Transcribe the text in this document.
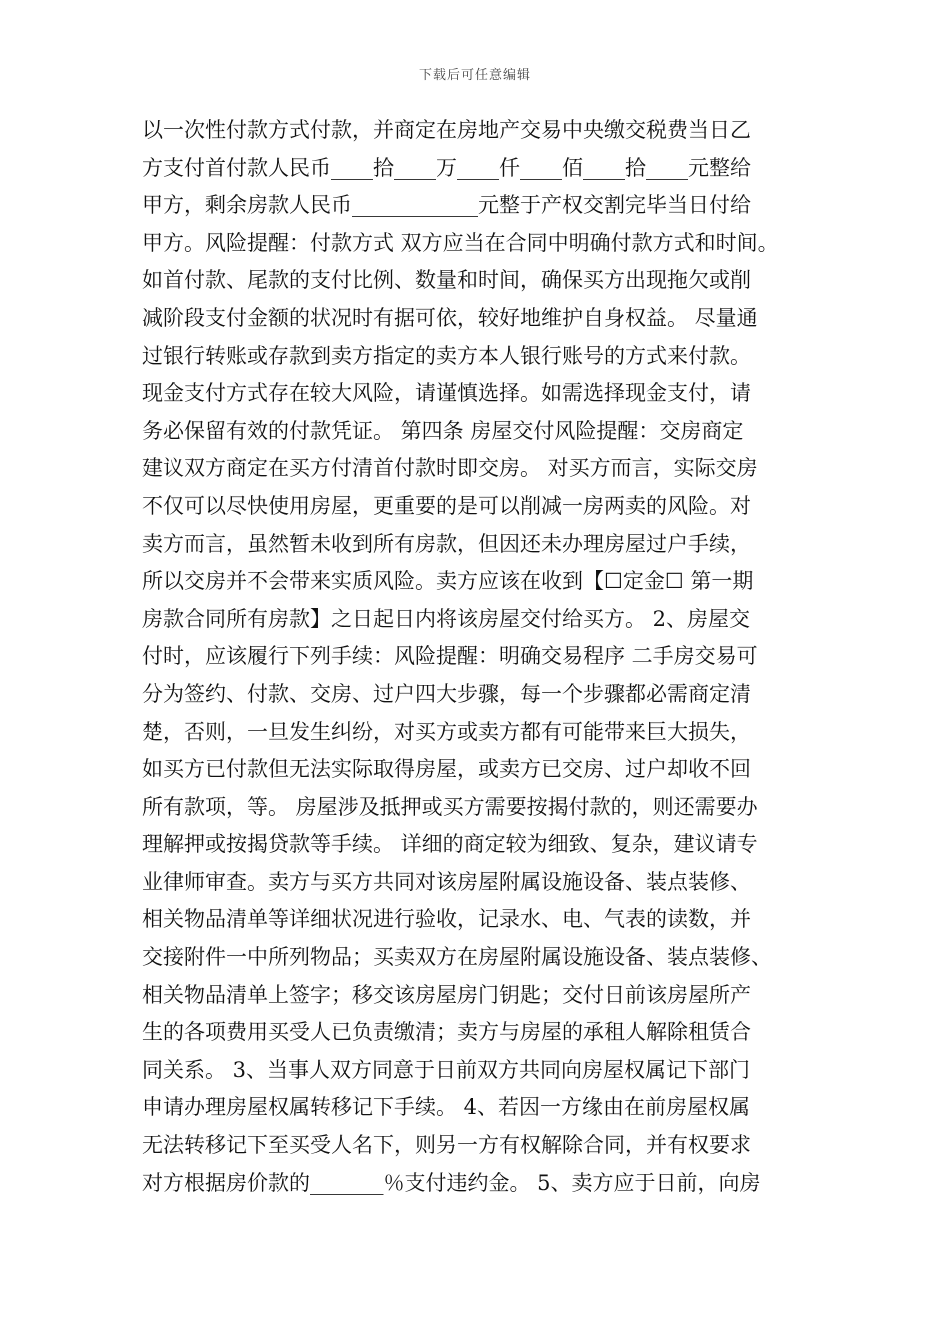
下载后可任意编辑
以一次性付款方式付款，并商定在房地产交易中央缴交税费当日乙
方支付首付款人民币____拾____万____仟____佰____拾____元整给
甲方，剩余房款人民币____________元整于产权交割完毕当日付给
甲方。风险提醒：付款方式 双方应当在合同中明确付款方式和时间。
如首付款、尾款的支付比例、数量和时间，确保买方出现拖欠或削
减阶段支付金额的状况时有据可依，较好地维护自身权益。 尽量通
过银行转账或存款到卖方指定的卖方本人银行账号的方式来付款。
现金支付方式存在较大风险，请谨慎选择。如需选择现金支付，请
务必保留有效的付款凭证。 第四条 房屋交付风险提醒：交房商定
建议双方商定在买方付清首付款时即交房。 对买方而言，实际交房
不仅可以尽快使用房屋，更重要的是可以削减一房两卖的风险。对
卖方而言，虽然暂未收到所有房款，但因还未办理房屋过户手续，
所以交房并不会带来实质风险。卖方应该在收到【☐定金☐ 第一期
房款合同所有房款】之日起日内将该房屋交付给买方。 2、房屋交
付时，应该履行下列手续：风险提醒：明确交易程序 二手房交易可
分为签约、付款、交房、过户四大步骤，每一个步骤都必需商定清
楚，否则，一旦发生纠纷，对买方或卖方都有可能带来巨大损失，
如买方已付款但无法实际取得房屋，或卖方已交房、过户却收不回
所有款项，等。 房屋涉及抵押或买方需要按揭付款的，则还需要办
理解押或按揭贷款等手续。 详细的商定较为细致、复杂，建议请专
业律师审查。卖方与买方共同对该房屋附属设施设备、装点装修、
相关物品清单等详细状况进行验收，记录水、电、气表的读数，并
交接附件一中所列物品；买卖双方在房屋附属设施设备、装点装修、
相关物品清单上签字；移交该房屋房门钥匙；交付日前该房屋所产
生的各项费用买受人已负责缴清；卖方与房屋的承租人解除租赁合
同关系。 3、当事人双方同意于日前双方共同向房屋权属记下部门
申请办理房屋权属转移记下手续。 4、若因一方缘由在前房屋权属
无法转移记下至买受人名下，则另一方有权解除合同，并有权要求
对方根据房价款的_______％支付违约金。 5、卖方应于日前，向房
